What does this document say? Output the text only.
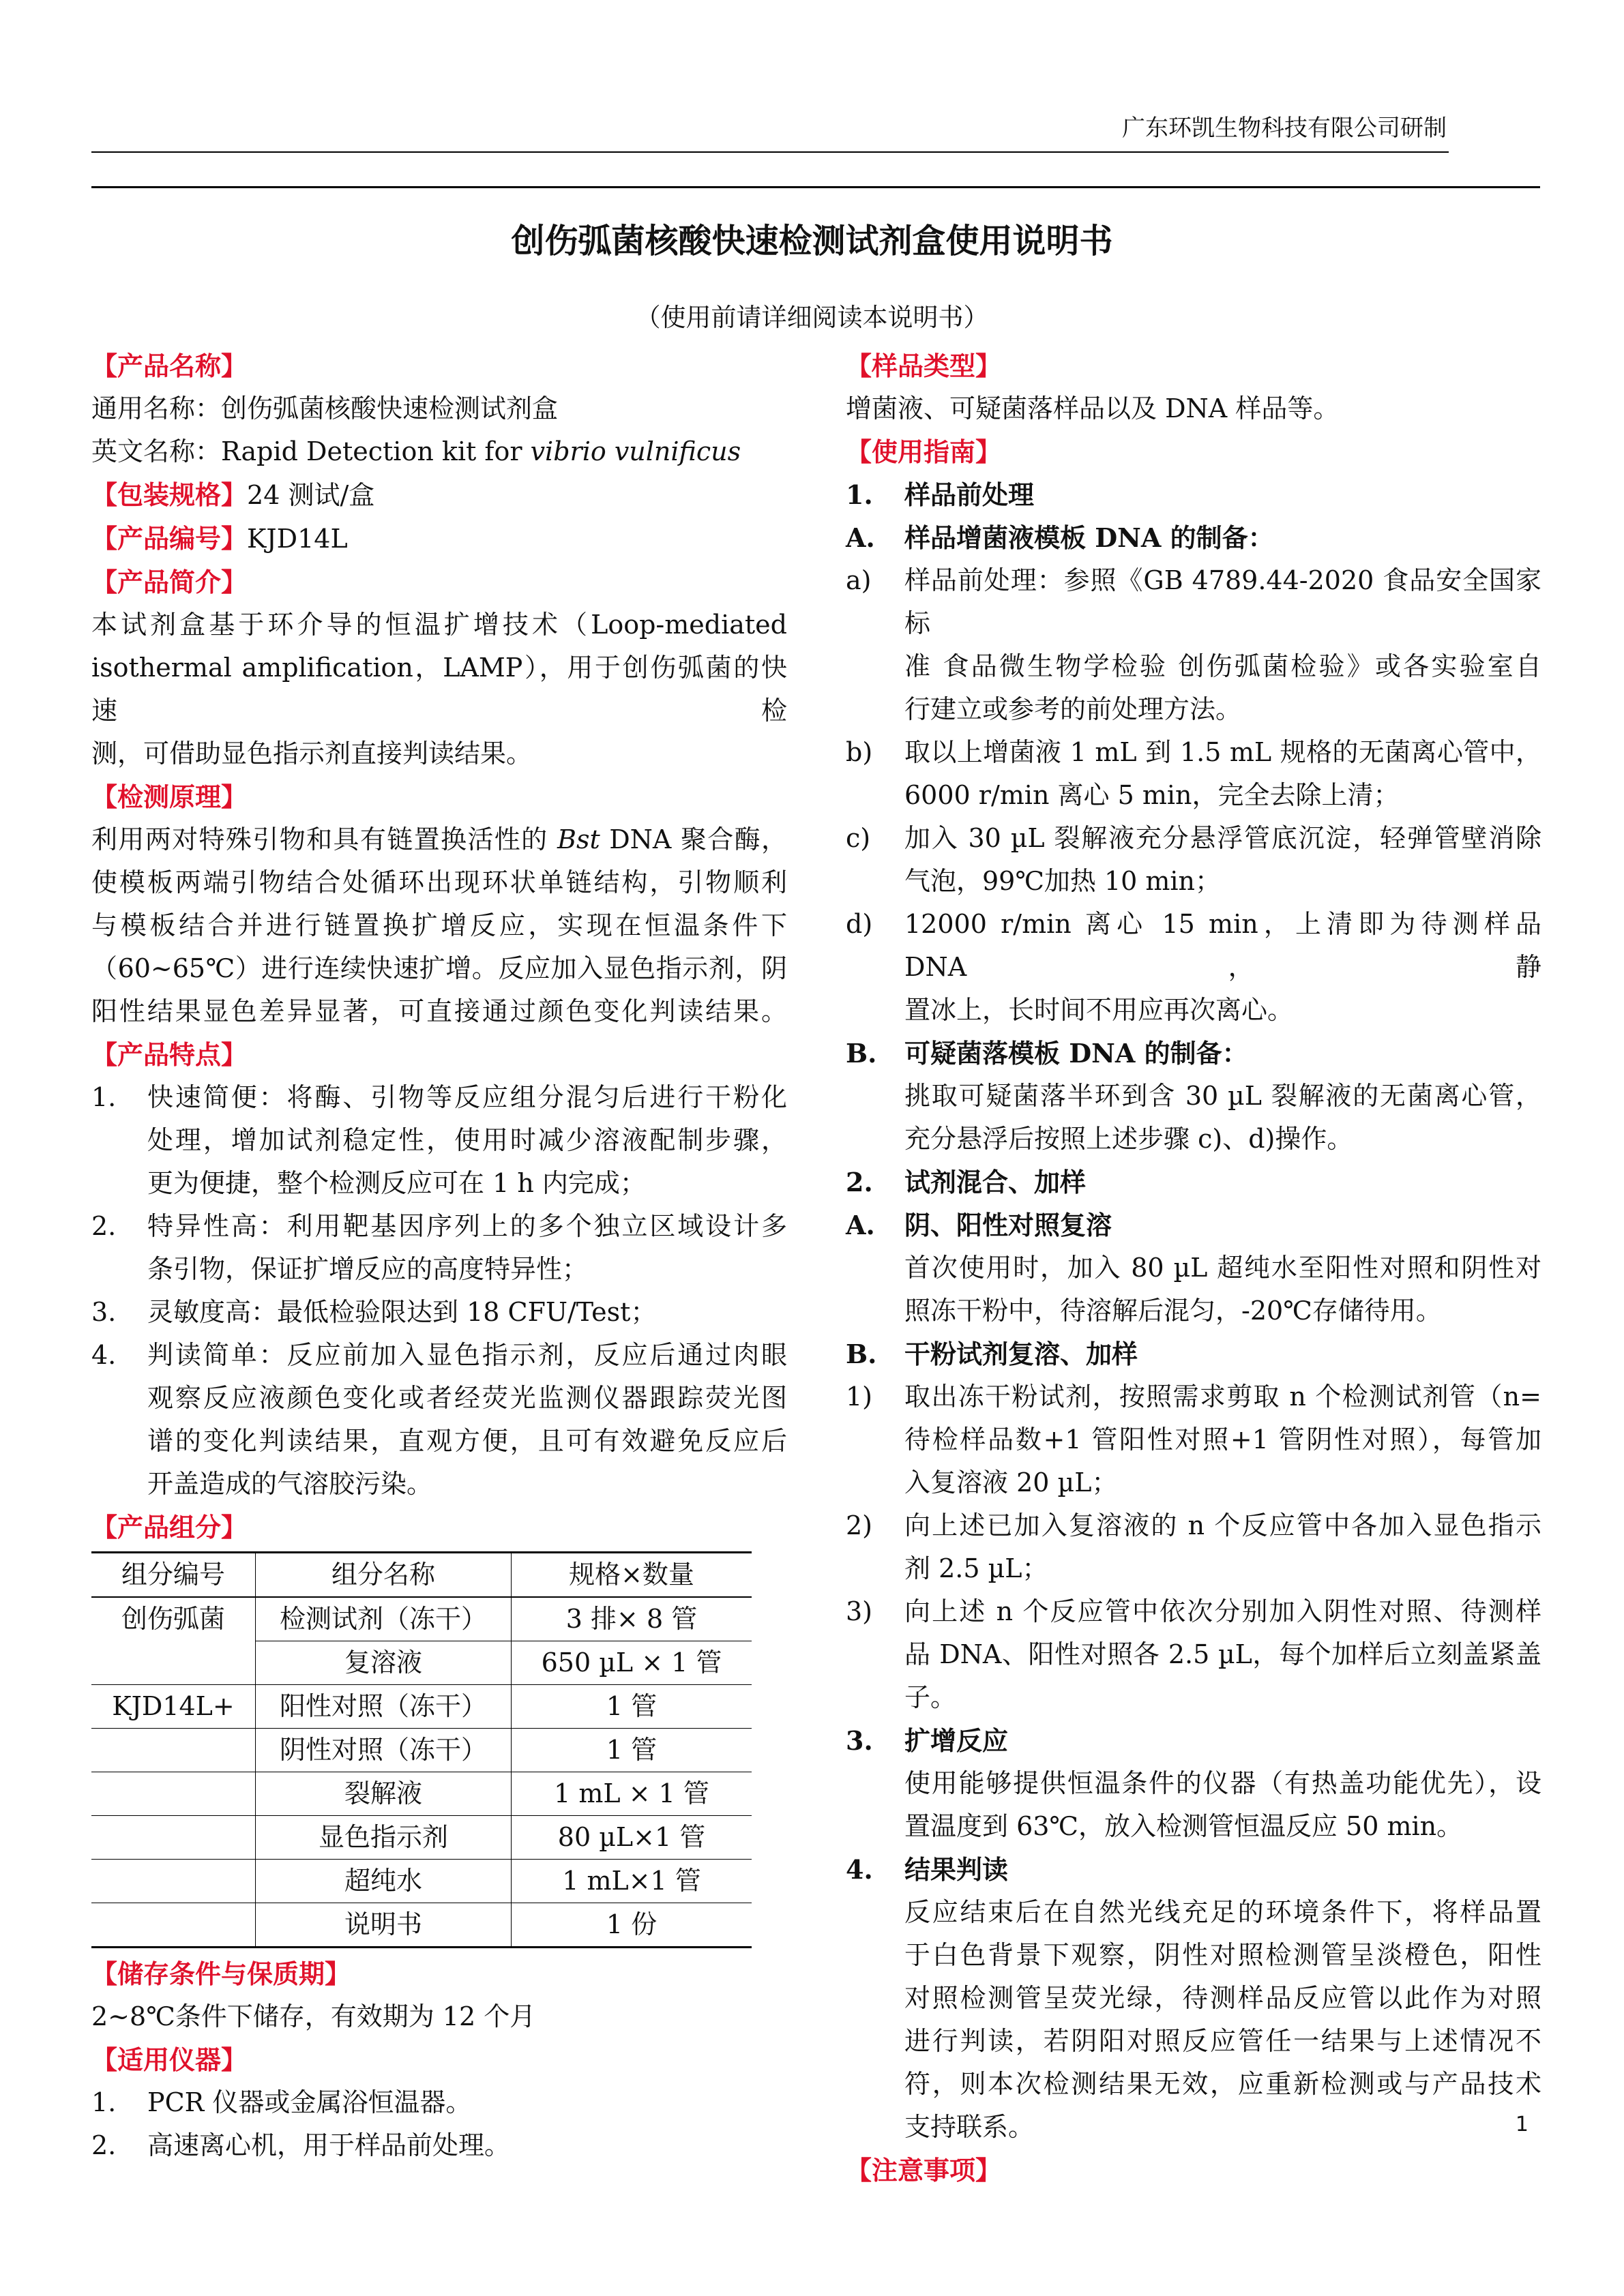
广东环凯生物科技有限公司研制
创伤弧菌核酸快速检测试剂盒使用说明书
（使用前请详细阅读本说明书）
【产品名称】
通用名称：创伤弧菌核酸快速检测试剂盒
英文名称：Rapid Detection kit for vibrio vulnificus
【包装规格】24 测试/盒
【产品编号】KJD14L
【产品简介】
本试剂盒基于环介导的恒温扩增技术（Loop-mediated
isothermal amplification，LAMP），用于创伤弧菌的快速检
测，可借助显色指示剂直接判读结果。
【检测原理】
利用两对特殊引物和具有链置换活性的 Bst DNA 聚合酶，
使模板两端引物结合处循环出现环状单链结构，引物顺利
与模板结合并进行链置换扩增反应，实现在恒温条件下
（60~65℃）进行连续快速扩增。反应加入显色指示剂，阴
阳性结果显色差异显著，可直接通过颜色变化判读结果。
【产品特点】
1. 快速简便：将酶、引物等反应组分混匀后进行干粉化
处理，增加试剂稳定性，使用时减少溶液配制步骤，
更为便捷，整个检测反应可在 1 h 内完成；
2. 特异性高：利用靶基因序列上的多个独立区域设计多
条引物，保证扩增反应的高度特异性；
3. 灵敏度高：最低检验限达到 18 CFU/Test；
4. 判读简单：反应前加入显色指示剂，反应后通过肉眼
观察反应液颜色变化或者经荧光监测仪器跟踪荧光图
谱的变化判读结果，直观方便，且可有效避免反应后
开盖造成的气溶胶污染。
【产品组分】
组分编号	组分名称	规格×数量
创伤弧菌	检测试剂（冻干）	3 排× 8 管
	复溶液	650 µL × 1 管
KJD14L+	阳性对照（冻干）	1 管
	阴性对照（冻干）	1 管
	裂解液	1 mL × 1 管
	显色指示剂	80 µL×1 管
	超纯水	1 mL×1 管
	说明书	1 份
【储存条件与保质期】
2~8℃条件下储存，有效期为 12 个月
【适用仪器】
1. PCR 仪器或金属浴恒温器。
2. 高速离心机，用于样品前处理。
【样品类型】
增菌液、可疑菌落样品以及 DNA 样品等。
【使用指南】
1. 样品前处理
A. 样品增菌液模板 DNA 的制备：
a) 样品前处理：参照《GB 4789.44-2020 食品安全国家标
准 食品微生物学检验 创伤弧菌检验》或各实验室自
行建立或参考的前处理方法。
b) 取以上增菌液 1 mL 到 1.5 mL 规格的无菌离心管中，
6000 r/min 离心 5 min，完全去除上清；
c) 加入 30 µL 裂解液充分悬浮管底沉淀，轻弹管壁消除
气泡，99℃加热 10 min；
d) 12000 r/min 离心 15 min，上清即为待测样品 DNA，静
置冰上，长时间不用应再次离心。
B. 可疑菌落模板 DNA 的制备：
挑取可疑菌落半环到含 30 µL 裂解液的无菌离心管，
充分悬浮后按照上述步骤 c)、d)操作。
2. 试剂混合、加样
A. 阴、阳性对照复溶
首次使用时，加入 80 µL 超纯水至阳性对照和阴性对
照冻干粉中，待溶解后混匀，-20℃存储待用。
B. 干粉试剂复溶、加样
1) 取出冻干粉试剂，按照需求剪取 n 个检测试剂管（n=
待检样品数+1 管阳性对照+1 管阴性对照），每管加
入复溶液 20 µL；
2) 向上述已加入复溶液的 n 个反应管中各加入显色指示
剂 2.5 µL；
3) 向上述 n 个反应管中依次分别加入阴性对照、待测样
品 DNA、阳性对照各 2.5 µL，每个加样后立刻盖紧盖
子。
3. 扩增反应
使用能够提供恒温条件的仪器（有热盖功能优先），设
置温度到 63℃，放入检测管恒温反应 50 min。
4. 结果判读
反应结束后在自然光线充足的环境条件下，将样品置
于白色背景下观察，阴性对照检测管呈淡橙色，阳性
对照检测管呈荧光绿，待测样品反应管以此作为对照
进行判读，若阴阳对照反应管任一结果与上述情况不
符，则本次检测结果无效，应重新检测或与产品技术
支持联系。
【注意事项】
1
